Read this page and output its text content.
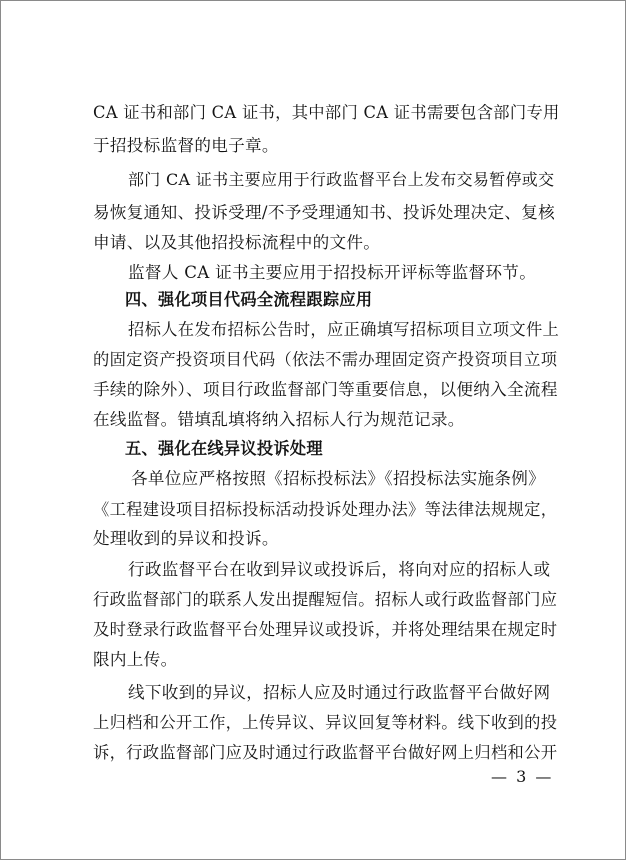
CA 证书和部门 CA 证书，其中部门 CA 证书需要包含部门专用
于招投标监督的电子章。
部门 CA 证书主要应用于行政监督平台上发布交易暂停或交
易恢复通知、投诉受理/不予受理通知书、投诉处理决定、复核
申请、以及其他招投标流程中的文件。
监督人 CA 证书主要应用于招投标开评标等监督环节。
四、强化项目代码全流程跟踪应用
招标人在发布招标公告时，应正确填写招标项目立项文件上
的固定资产投资项目代码（依法不需办理固定资产投资项目立项
手续的除外）、项目行政监督部门等重要信息，以便纳入全流程
在线监督。错填乱填将纳入招标人行为规范记录。
五、强化在线异议投诉处理
各单位应严格按照《招标投标法》《招投标法实施条例》
《工程建设项目招标投标活动投诉处理办法》等法律法规规定，
处理收到的异议和投诉。
行政监督平台在收到异议或投诉后，将向对应的招标人或
行政监督部门的联系人发出提醒短信。招标人或行政监督部门应
及时登录行政监督平台处理异议或投诉，并将处理结果在规定时
限内上传。
线下收到的异议，招标人应及时通过行政监督平台做好网
上归档和公开工作，上传异议、异议回复等材料。线下收到的投
诉，行政监督部门应及时通过行政监督平台做好网上归档和公开
— 3 —
